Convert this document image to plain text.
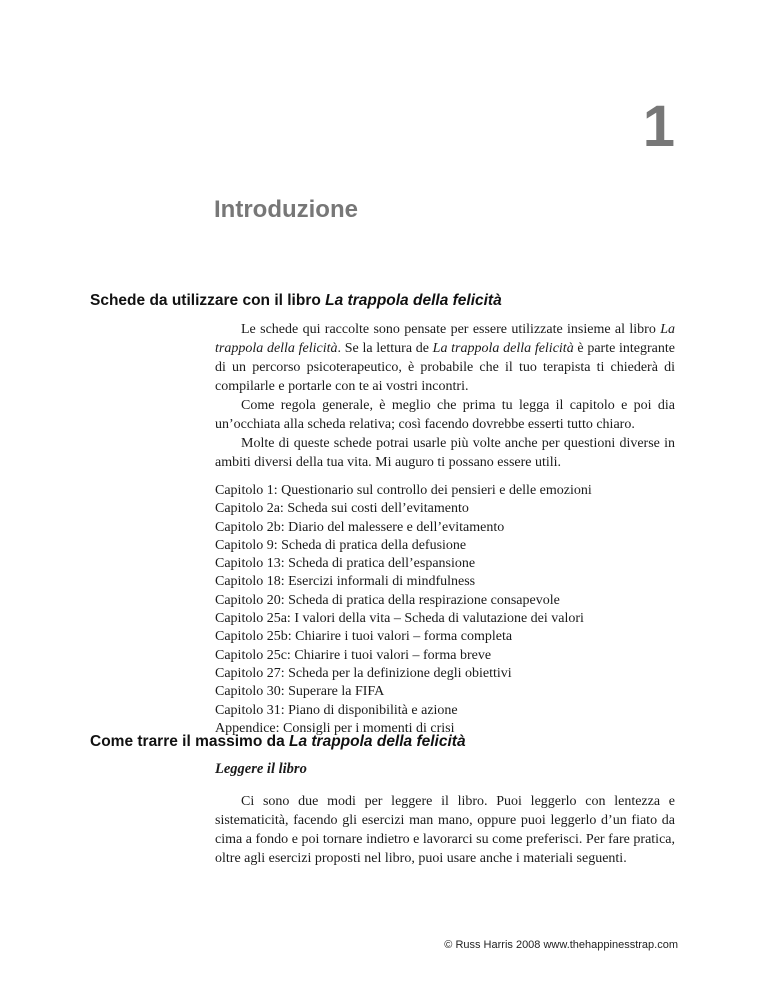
1
Introduzione
Schede da utilizzare con il libro La trappola della felicità

Le schede qui raccolte sono pensate per essere utilizzate insieme al libro La trappola della felicità. Se la lettura de La trappola della felicità è parte integrante di un percorso psicoterapeutico, è probabile che il tuo terapista ti chiederà di compilarle e portarle con te ai vostri incontri.

Come regola generale, è meglio che prima tu legga il capitolo e poi dia un’occhiata alla scheda relativa; così facendo dovrebbe esserti tutto chiaro.

Molte di queste schede potrai usarle più volte anche per questioni diverse in ambiti diversi della tua vita. Mi auguro ti possano essere utili.

Capitolo 1: Questionario sul controllo dei pensieri e delle emozioni
Capitolo 2a: Scheda sui costi dell’evitamento
Capitolo 2b: Diario del malessere e dell’evitamento
Capitolo 9: Scheda di pratica della defusione
Capitolo 13: Scheda di pratica dell’espansione
Capitolo 18: Esercizi informali di mindfulness
Capitolo 20: Scheda di pratica della respirazione consapevole
Capitolo 25a: I valori della vita – Scheda di valutazione dei valori
Capitolo 25b: Chiarire i tuoi valori – forma completa
Capitolo 25c: Chiarire i tuoi valori – forma breve
Capitolo 27: Scheda per la definizione degli obiettivi
Capitolo 30: Superare la FIFA
Capitolo 31: Piano di disponibilità e azione
Appendice: Consigli per i momenti di crisi
Come trarre il massimo da La trappola della felicità
Leggere il libro

Ci sono due modi per leggere il libro. Puoi leggerlo con lentezza e sistematicità, facendo gli esercizi man mano, oppure puoi leggerlo d’un fiato da cima a fondo e poi tornare indietro e lavorarci su come preferisci. Per fare pratica, oltre agli esercizi proposti nel libro, puoi usare anche i materiali seguenti.

© Russ Harris 2008 www.thehappinesstrap.com
